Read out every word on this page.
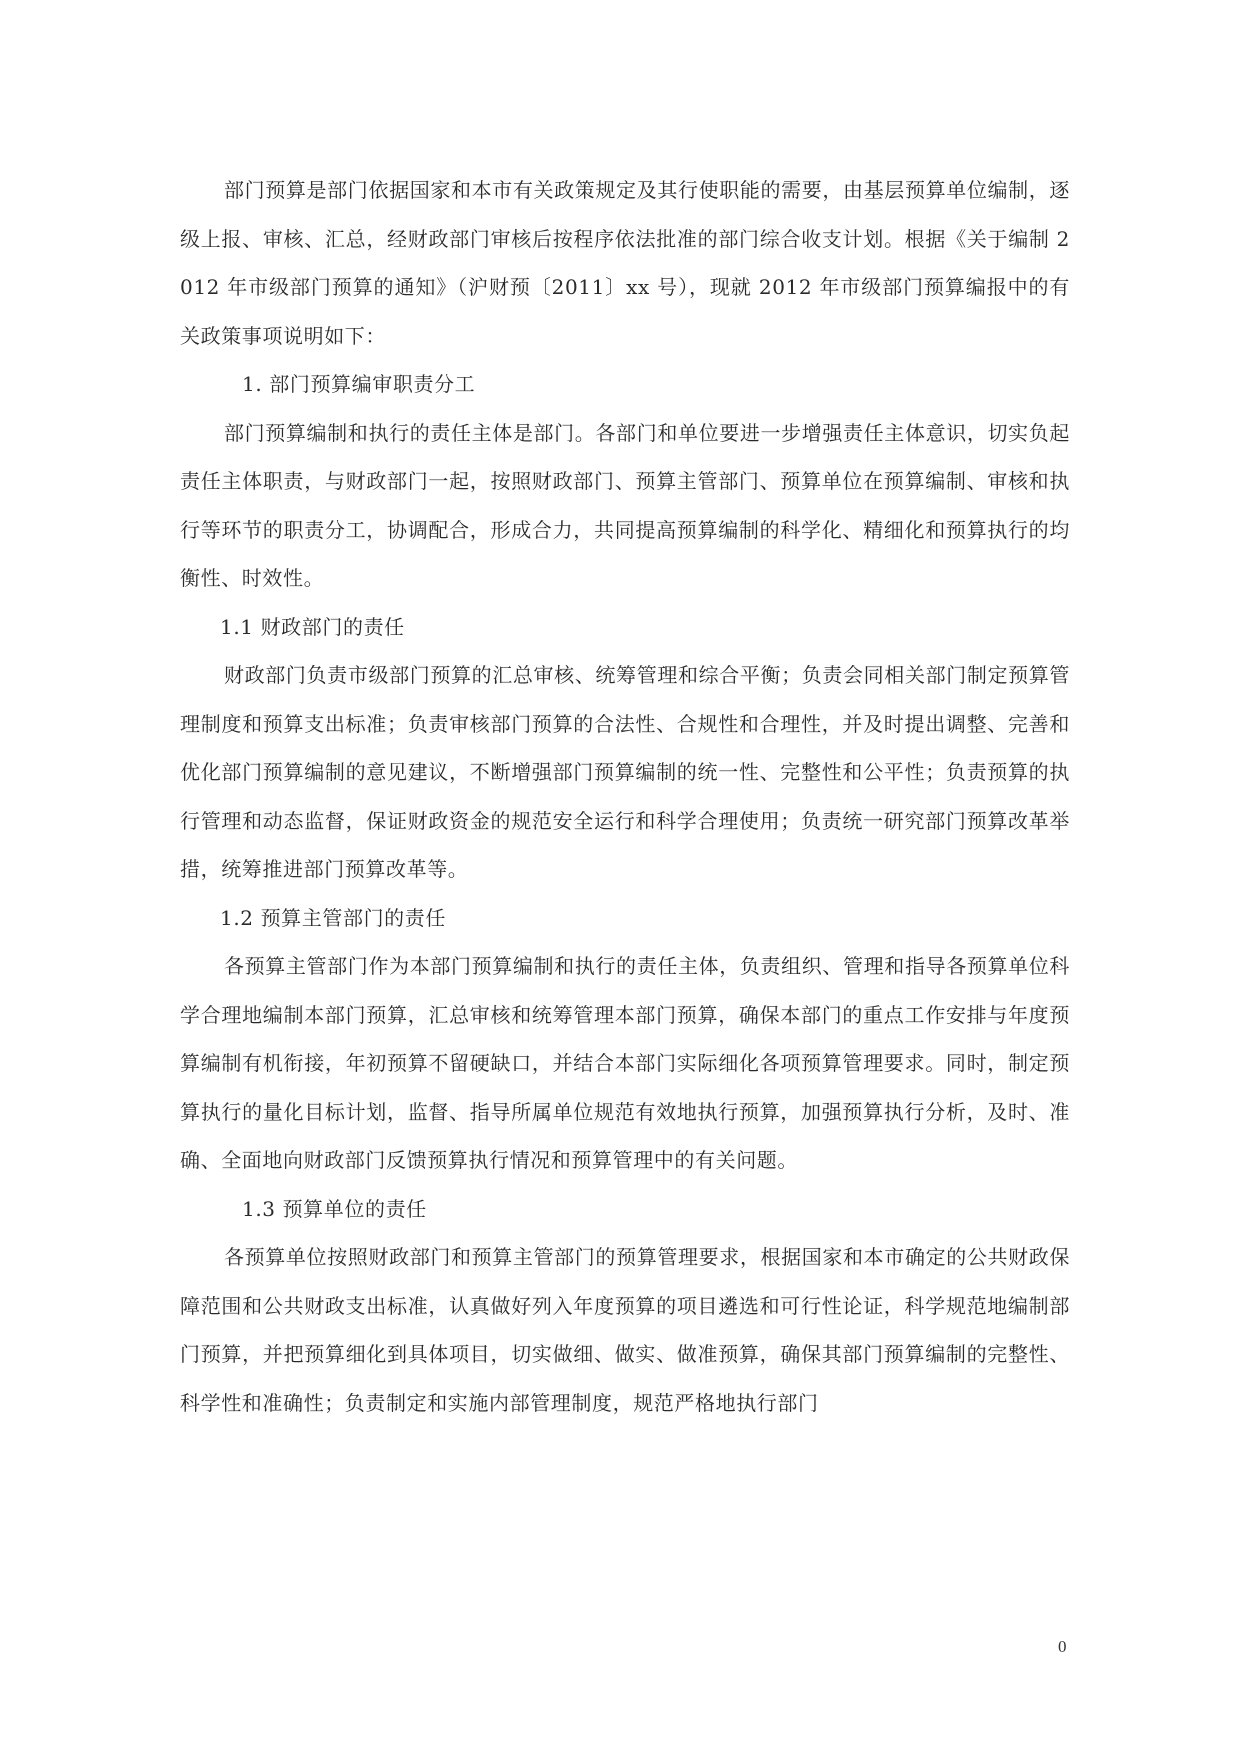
部门预算是部门依据国家和本市有关政策规定及其行使职能的需要，由基层预算单位编制，逐级上报、审核、汇总，经财政部门审核后按程序依法批准的部门综合收支计划。根据《关于编制 2012 年市级部门预算的通知》（沪财预〔2011〕xx 号），现就 2012 年市级部门预算编报中的有关政策事项说明如下：

1. 部门预算编审职责分工

部门预算编制和执行的责任主体是部门。各部门和单位要进一步增强责任主体意识，切实负起责任主体职责，与财政部门一起，按照财政部门、预算主管部门、预算单位在预算编制、审核和执行等环节的职责分工，协调配合，形成合力，共同提高预算编制的科学化、精细化和预算执行的均衡性、时效性。

1.1 财政部门的责任

财政部门负责市级部门预算的汇总审核、统筹管理和综合平衡；负责会同相关部门制定预算管理制度和预算支出标准；负责审核部门预算的合法性、合规性和合理性，并及时提出调整、完善和优化部门预算编制的意见建议，不断增强部门预算编制的统一性、完整性和公平性；负责预算的执行管理和动态监督，保证财政资金的规范安全运行和科学合理使用；负责统一研究部门预算改革举措，统筹推进部门预算改革等。

1.2 预算主管部门的责任

各预算主管部门作为本部门预算编制和执行的责任主体，负责组织、管理和指导各预算单位科学合理地编制本部门预算，汇总审核和统筹管理本部门预算，确保本部门的重点工作安排与年度预算编制有机衔接，年初预算不留硬缺口，并结合本部门实际细化各项预算管理要求。同时，制定预算执行的量化目标计划，监督、指导所属单位规范有效地执行预算，加强预算执行分析，及时、准确、全面地向财政部门反馈预算执行情况和预算管理中的有关问题。

1.3 预算单位的责任

各预算单位按照财政部门和预算主管部门的预算管理要求，根据国家和本市确定的公共财政保障范围和公共财政支出标准，认真做好列入年度预算的项目遴选和可行性论证，科学规范地编制部门预算，并把预算细化到具体项目，切实做细、做实、做准预算，确保其部门预算编制的完整性、科学性和准确性；负责制定和实施内部管理制度，规范严格地执行部门

0
